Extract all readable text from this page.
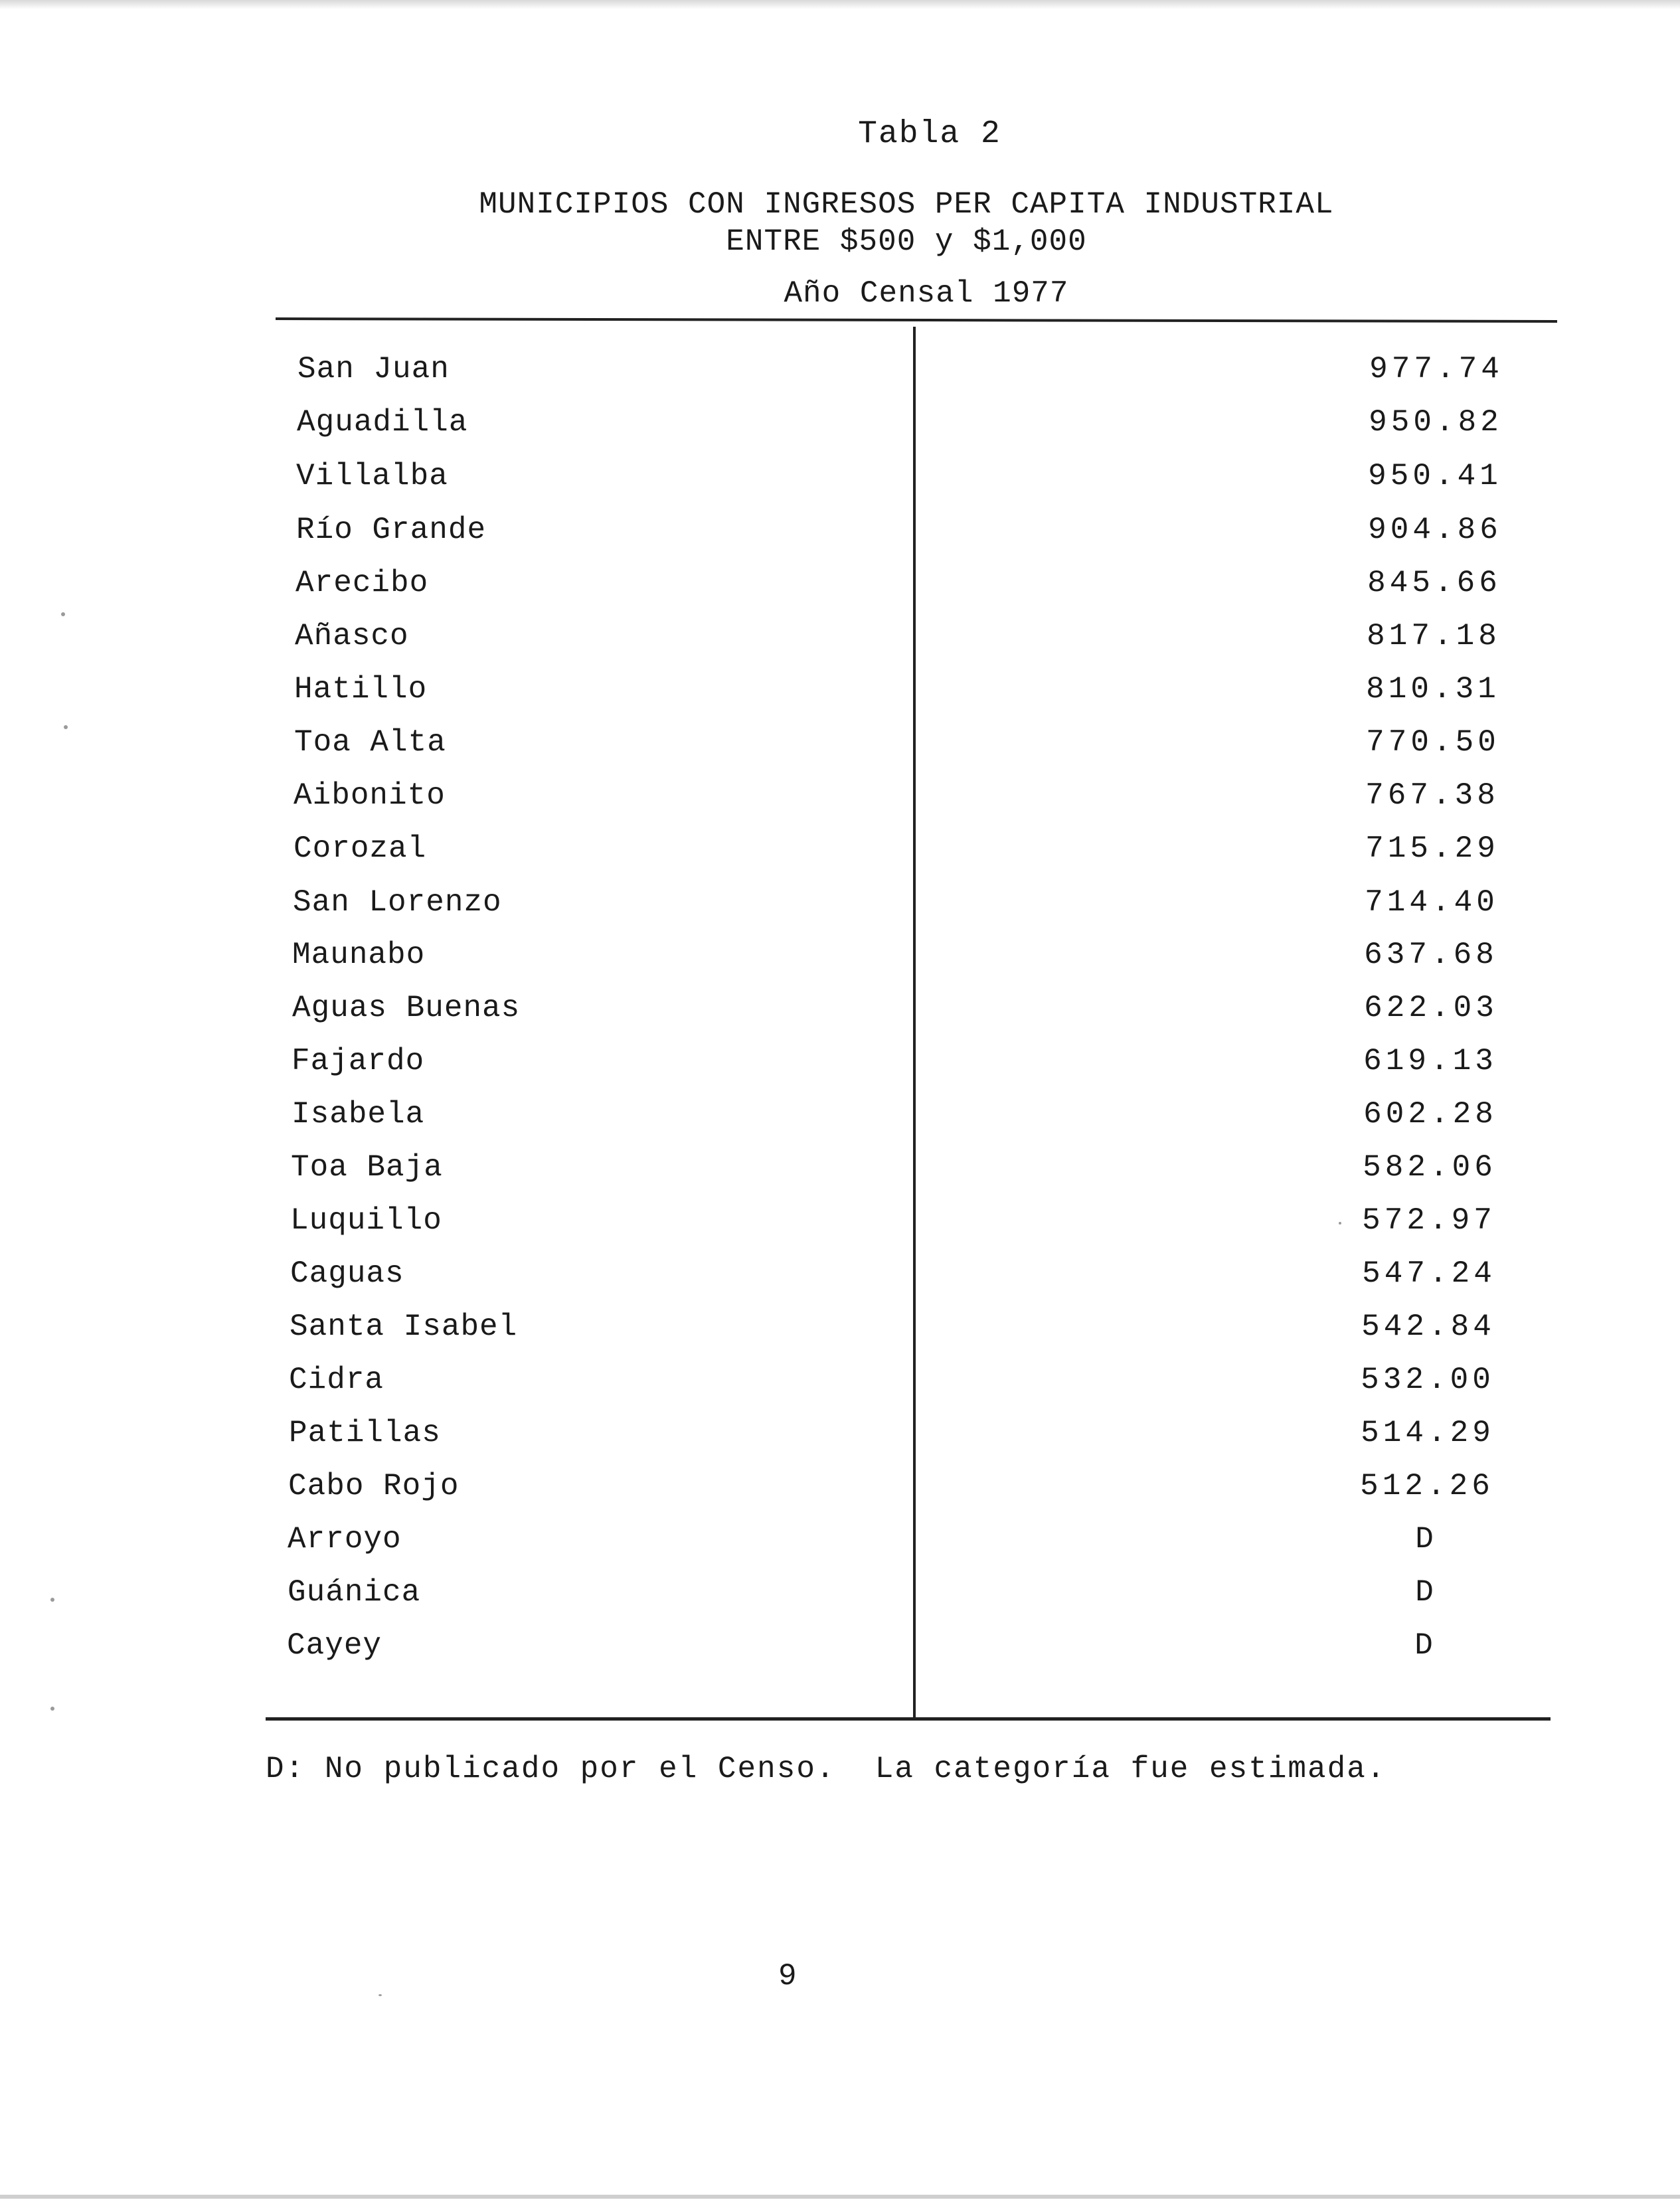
Tabla 2
MUNICIPIOS CON INGRESOS PER CAPITA INDUSTRIAL
ENTRE $500 y $1,000
Año Censal 1977
San Juan	977.74
Aguadilla	950.82
Villalba	950.41
Río Grande	904.86
Arecibo	845.66
Añasco	817.18
Hatillo	810.31
Toa Alta	770.50
Aibonito	767.38
Corozal	715.29
San Lorenzo	714.40
Maunabo	637.68
Aguas Buenas	622.03
Fajardo	619.13
Isabela	602.28
Toa Baja	582.06
Luquillo	572.97
Caguas	547.24
Santa Isabel	542.84
Cidra	532.00
Patillas	514.29
Cabo Rojo	512.26
Arroyo	D
Guánica	D
Cayey	D
D: No publicado por el Censo.  La categoría fue estimada.
9
